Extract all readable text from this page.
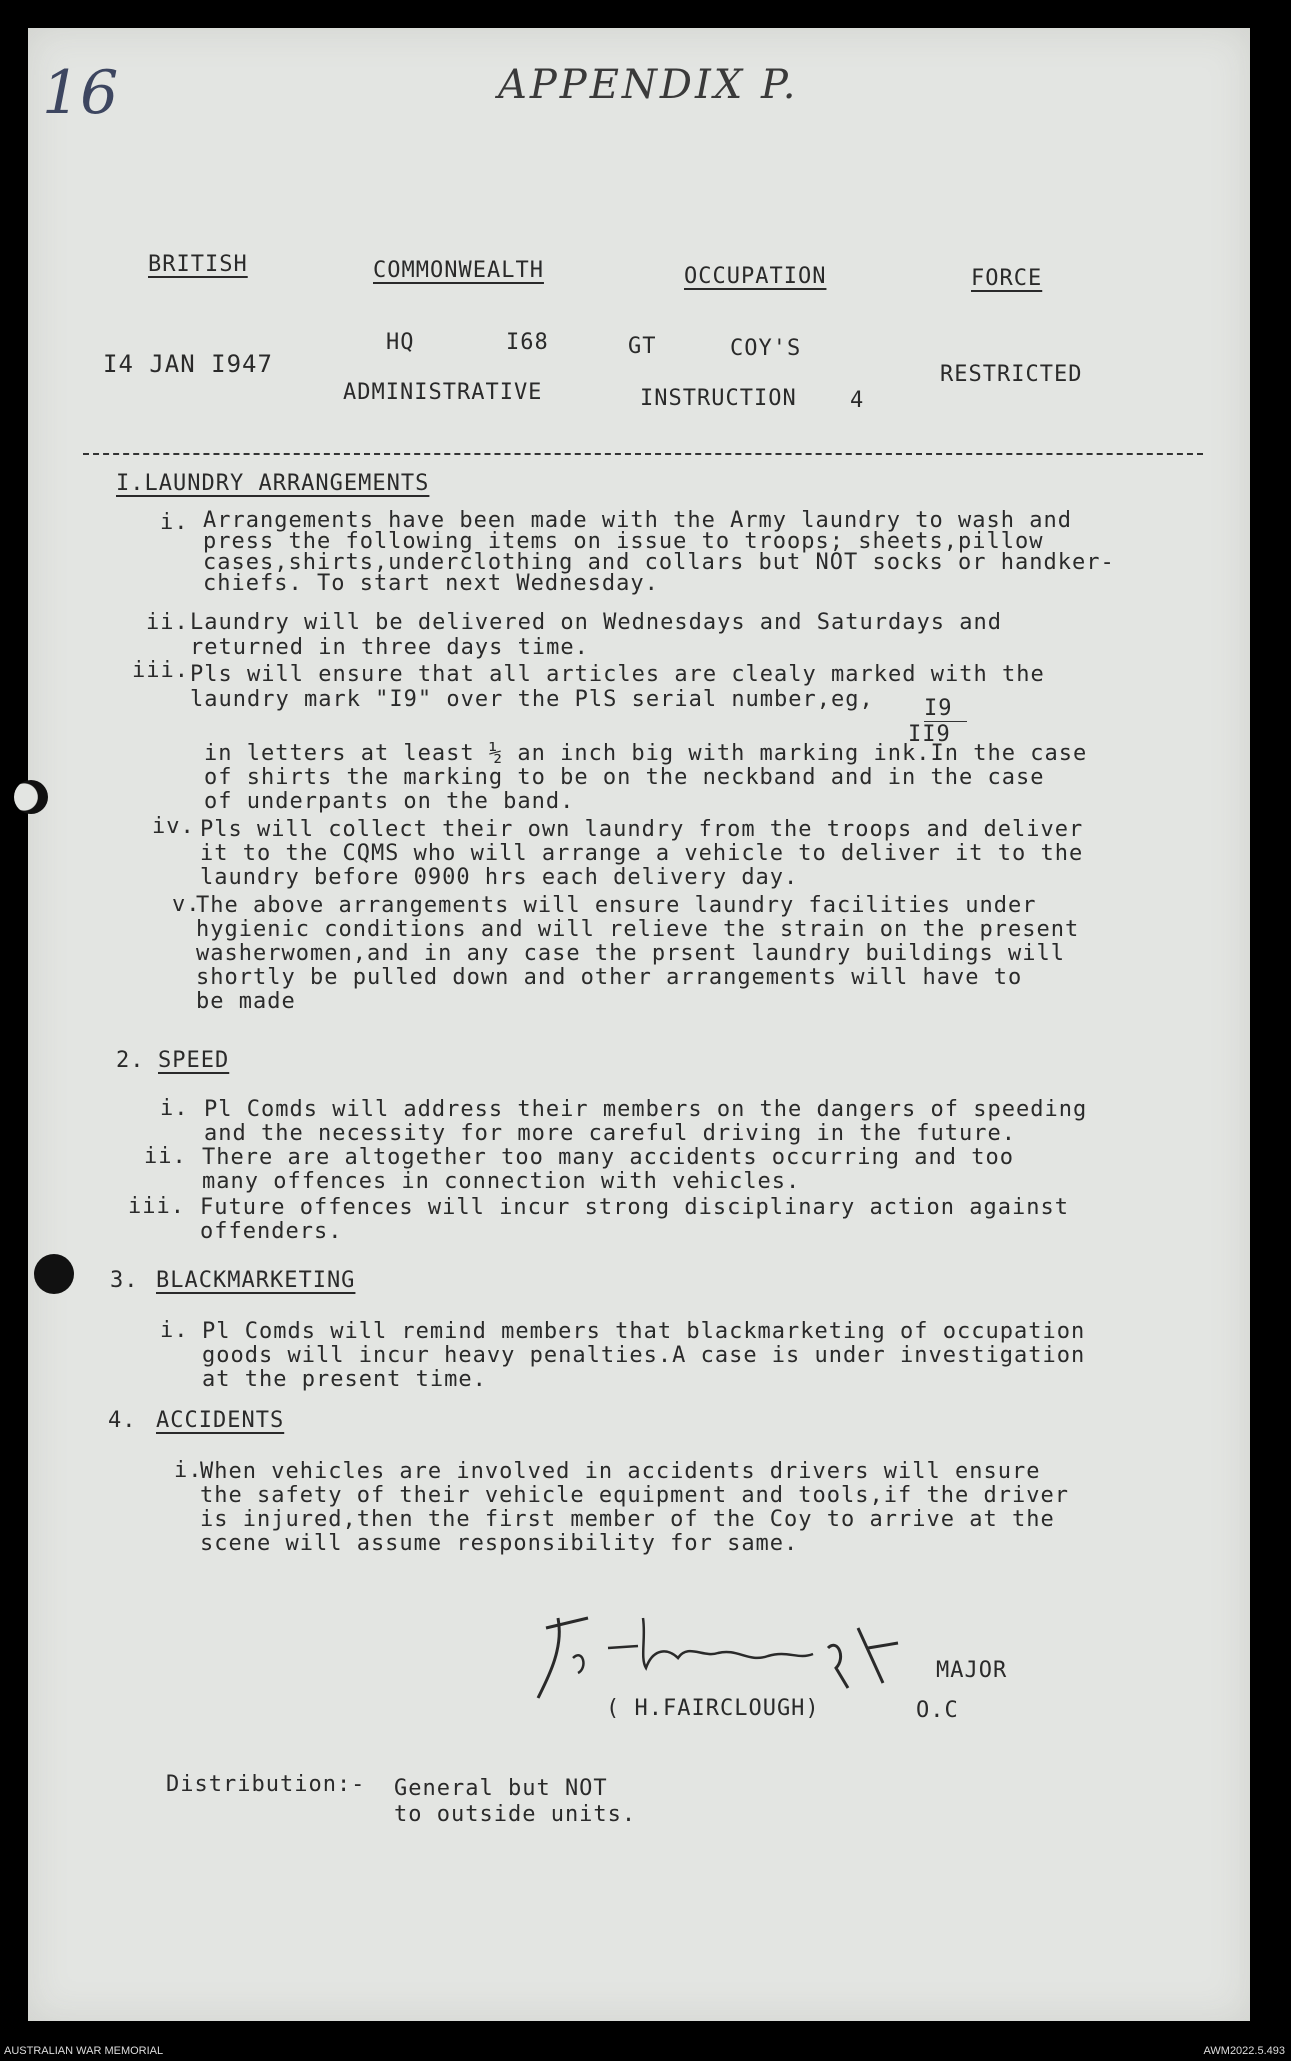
16	APPENDIX P.
BRITISH	COMMONWEALTH	OCCUPATION	FORCE
I4 JAN I947
HQ	I68	GT	COY'S
ADMINISTRATIVE	INSTRUCTION 4
RESTRICTED
I.LAUNDRY ARRANGEMENTS
i. Arrangements have been made with the Army laundry to wash and

press the following items on issue to troops; sheets,pillow

cases,shirts,underclothing and collars but NOT socks or handker-

chiefs. To start next Wednesday.

ii. Laundry will be delivered on Wednesdays and Saturdays and

returned in three days time.

iii. Pls will ensure that all articles are clealy marked with the

laundry mark "I9" over the PlS serial number,eg,	I9
II9

in letters at least ½ an inch big with marking ink.In the case

of shirts the marking to be on the neckband and in the case

of underpants on the band.

iv. Pls will collect their own laundry from the troops and deliver

it to the CQMS who will arrange a vehicle to deliver it to the

laundry before 0900 hrs each delivery day.

v.

The above arrangements will ensure laundry facilities under

hygienic conditions and will relieve the strain on the present

washerwomen,and in any case the prsent laundry buildings will

shortly be pulled down and other arrangements will have to

be made

2. SPEED
i. Pl Comds will address their members on the dangers of speeding

and the necessity for more careful driving in the future.

ii. There are altogether too many accidents occurring and too

many offences in connection with vehicles.

iii. Future offences will incur strong disciplinary action against

offenders.

3. BLACKMARKETING
i. Pl Comds will remind members that blackmarketing of occupation

goods will incur heavy penalties.A case is under investigation

at the present time.

4. ACCIDENTS
i.

When vehicles are involved in accidents drivers will ensure

the safety of their vehicle equipment and tools,if the driver

is injured,then the first member of the Coy to arrive at the

scene will assume responsibility for same.

MAJOR
( H.FAIRCLOUGH)	O.C
Distribution:- General but NOT

to outside units.

AUSTRALIAN WAR MEMORIAL	AWM2022.5.493
